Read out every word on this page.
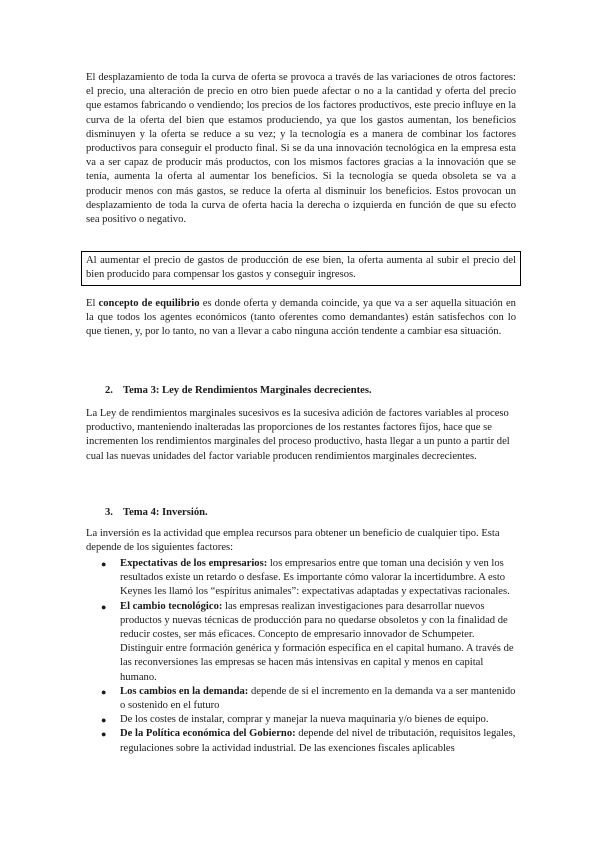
El desplazamiento de toda la curva de oferta se provoca a través de las variaciones de otros factores: el precio, una alteración de precio en otro bien puede afectar o no a la cantidad y oferta del precio que estamos fabricando o vendiendo; los precios de los factores productivos, este precio influye en la curva de la oferta del bien que estamos produciendo, ya que los gastos aumentan, los beneficios disminuyen y la oferta se reduce a su vez; y la tecnología es a manera de combinar los factores productivos para conseguir el producto final. Si se da una innovación tecnológica en la empresa esta va a ser capaz de producir más productos, con los mismos factores gracias a la innovación que se tenía, aumenta la oferta al aumentar los beneficios. Si la tecnología se queda obsoleta se va a producir menos con más gastos, se reduce la oferta al disminuir los beneficios. Estos provocan un desplazamiento de toda la curva de oferta hacia la derecha o izquierda en función de que su efecto sea positivo o negativo.

Al aumentar el precio de gastos de producción de ese bien, la oferta aumenta al subir el precio del bien producido para compensar los gastos y conseguir ingresos.

El concepto de equilibrio es donde oferta y demanda coincide, ya que va a ser aquella situación en la que todos los agentes económicos (tanto oferentes como demandantes) están satisfechos con lo que tienen, y, por lo tanto, no van a llevar a cabo ninguna acción tendente a cambiar esa situación.

2. Tema 3: Ley de Rendimientos Marginales decrecientes.

La Ley de rendimientos marginales sucesivos es la sucesiva adición de factores variables al proceso productivo, manteniendo inalteradas las proporciones de los restantes factores fijos, hace que se incrementen los rendimientos marginales del proceso productivo, hasta llegar a un punto a partir del cual las nuevas unidades del factor variable producen rendimientos marginales decrecientes.

3. Tema 4: Inversión.

La inversión es la actividad que emplea recursos para obtener un beneficio de cualquier tipo. Esta depende de los siguientes factores:

● Expectativas de los empresarios: los empresarios entre que toman una decisión y ven los resultados existe un retardo o desfase. Es importante cómo valorar la incertidumbre. A esto Keynes les llamó los “espíritus animales”: expectativas adaptadas y expectativas racionales.
● El cambio tecnológico: las empresas realizan investigaciones para desarrollar nuevos productos y nuevas técnicas de producción para no quedarse obsoletos y con la finalidad de reducir costes, ser más eficaces. Concepto de empresario innovador de Schumpeter. Distinguir entre formación genérica y formación específica en el capital humano. A través de las reconversiones las empresas se hacen más intensivas en capital y menos en capital humano.
● Los cambios en la demanda: depende de si el incremento en la demanda va a ser mantenido o sostenido en el futuro
● De los costes de instalar, comprar y manejar la nueva maquinaria y/o bienes de equipo.
● De la Política económica del Gobierno: depende del nivel de tributación, requisitos legales, regulaciones sobre la actividad industrial. De las exenciones fiscales aplicables
